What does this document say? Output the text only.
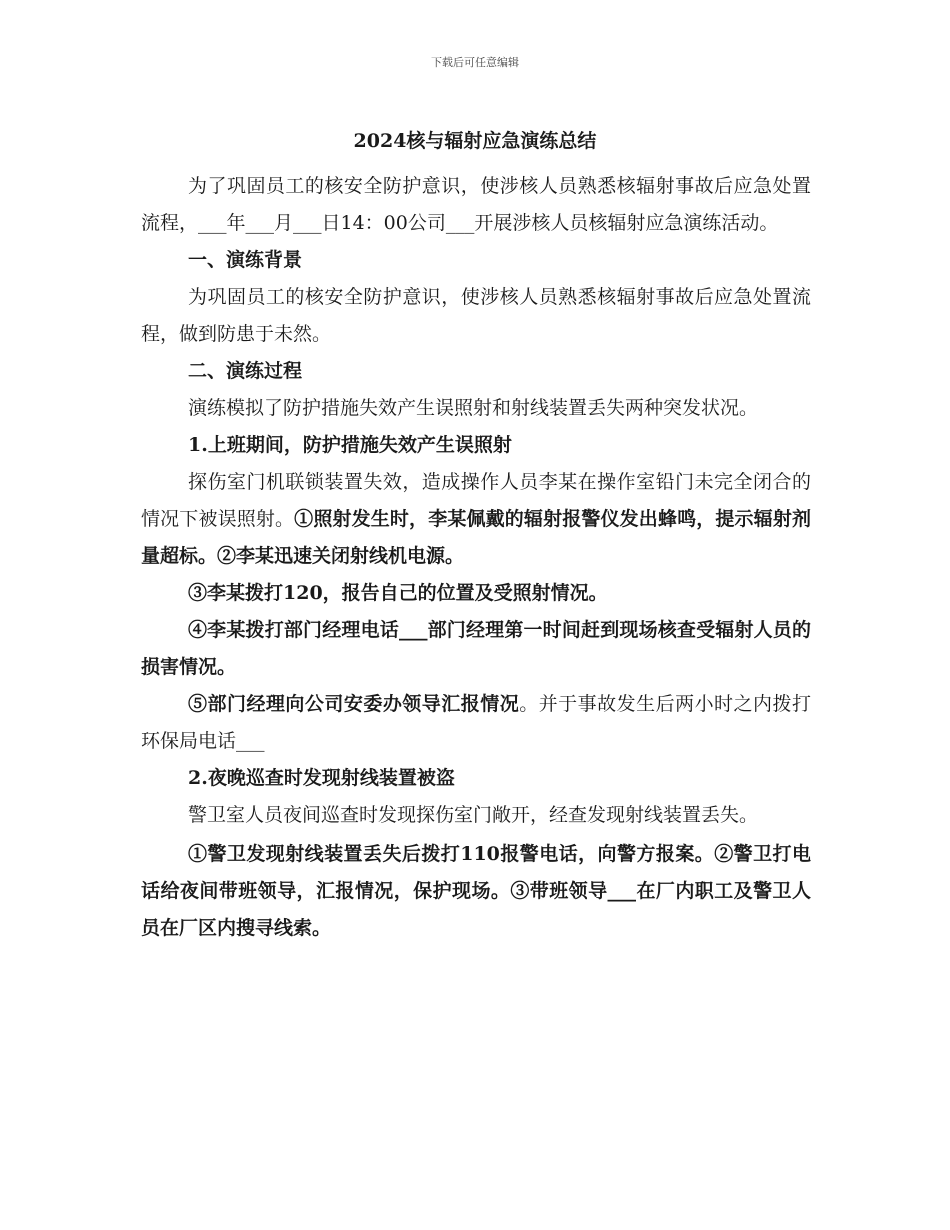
下载后可任意编辑
2024核与辐射应急演练总结

为了巩固员工的核安全防护意识，使涉核人员熟悉核辐射事故后应急处置流程，___年___月___日14：00公司___开展涉核人员核辐射应急演练活动。

一、演练背景

为巩固员工的核安全防护意识，使涉核人员熟悉核辐射事故后应急处置流程，做到防患于未然。

二、演练过程

演练模拟了防护措施失效产生误照射和射线装置丢失两种突发状况。

1.上班期间，防护措施失效产生误照射

探伤室门机联锁装置失效，造成操作人员李某在操作室铅门未完全闭合的情况下被误照射。①照射发生时，李某佩戴的辐射报警仪发出蜂鸣，提示辐射剂量超标。②李某迅速关闭射线机电源。

③李某拨打120，报告自己的位置及受照射情况。

④李某拨打部门经理电话___部门经理第一时间赶到现场核查受辐射人员的损害情况。

⑤部门经理向公司安委办领导汇报情况。并于事故发生后两小时之内拨打环保局电话___

2.夜晚巡查时发现射线装置被盗

警卫室人员夜间巡查时发现探伤室门敞开，经查发现射线装置丢失。

①警卫发现射线装置丢失后拨打110报警电话，向警方报案。②警卫打电话给夜间带班领导，汇报情况，保护现场。③带班领导___在厂内职工及警卫人员在厂区内搜寻线索。
